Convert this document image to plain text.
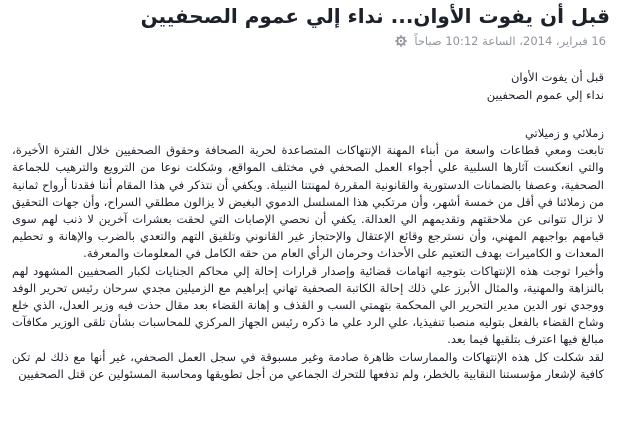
قبل أن يفوت الأوان... نداء إلي عموم الصحفيين
16 فبراير، 2014، الساعة 10:12 صباحاً
قبل أن يفوت الأوان
نداء إلي عموم الصحفيين
زملائي و زميلاتي

تابعت ومعي قطاعات واسعة من أبناء المهنة الإنتهاكات المتصاعدة لحرية الصحافة وحقوق الصحفيين خلال الفترة الأخيرة، والتي انعكست آثارها السلبية علي أجواء العمل الصحفي في مختلف المواقع، وشكلت نوعا من الترويع والترهيب للجماعة الصحفية، وعصفا بالضمانات الدستورية والقانونية المقررة لمهنتنا النبيلة. ويكفي أن نتذكر في هذا المقام أننا فقدنا أرواح ثمانية من زملائنا في أقل من خمسة أشهر، وأن مرتكبي هذا المسلسل الدموي البغيض لا يزالون مطلقي السراح، وأن جهات التحقيق لا تزال تتوانى عن ملاحقتهم وتقديمهم الي العدالة. يكفي أن نحصي الإصابات التي لحقت بعشرات آخرين لا ذنب لهم سوى قيامهم بواجبهم المهني، وأن نسترجع وقائع الإعتقال والإحتجاز غير القانوني وتلفيق التهم والتعدي بالضرب والإهانة و تحطيم المعدات و الكاميرات بهدف التعتيم على الأحداث وحرمان الرأي العام من حقه الكامل في المعلومات والمعرفة.

وأخيرا توجت هذه الإنتهاكات بتوجيه اتهامات قضائية وإصدار قرارات إحالة إلي محاكم الجنايات لكبار الصحفيين المشهود لهم بالنزاهة والمهنية، والمثال الأبرز علي ذلك إحالة الكاتبة الصحفية تهاني إبراهيم مع الزميلين مجدي سرحان رئيس تحرير الوفد ووجدي نور الدين مدير التحرير الي المحكمة بتهمتي السب و القذف و إهانة القضاء بعد مقال حذت فيه وزير العدل، الذي خلع وشاح القضاء بالفعل بتوليه منصبا تنفيذيا، علي الرد علي ما ذكره رئيس الجهاز المركزي للمحاسبات بشأن تلقى الوزير مكافآت مبالغ فيها اعترف بتلقيها فيما بعد.

لقد شكلت كل هذه الإنتهاكات والممارسات ظاهرة صادمة وغير مسبوقة في سجل العمل الصحفي، غير أنها مع ذلك لم تكن كافية لإشعار مؤسستنا النقابية بالخطر، ولم تدفعها للتحرك الجماعي من أجل تطويقها ومحاسبة المسئولين عن قتل الصحفيين
